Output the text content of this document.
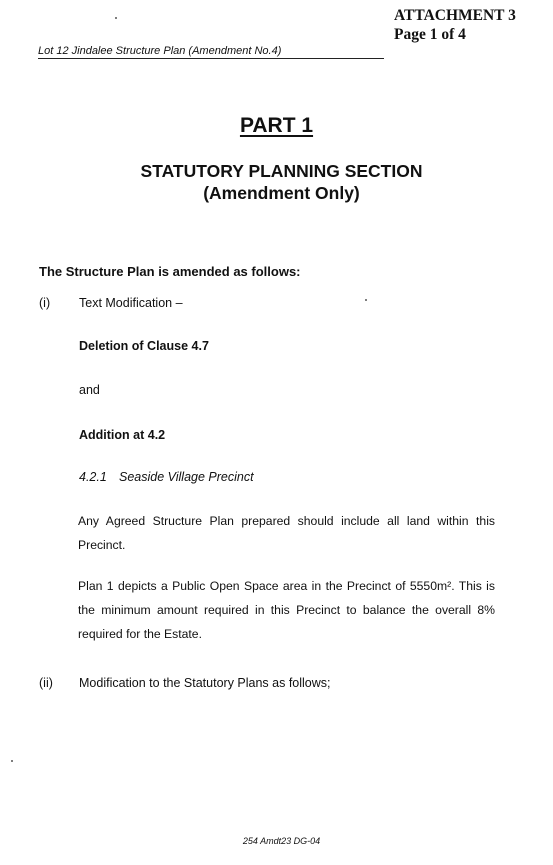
ATTACHMENT 3
Page 1 of 4
Lot 12 Jindalee Structure Plan (Amendment No.4)
PART 1
STATUTORY PLANNING SECTION
(Amendment Only)
The Structure Plan is amended as follows:
(i) Text Modification –
Deletion of Clause 4.7
and
Addition at 4.2
4.2.1 Seaside Village Precinct
Any Agreed Structure Plan prepared should include all land within this Precinct.
Plan 1 depicts a Public Open Space area in the Precinct of 5550m². This is the minimum amount required in this Precinct to balance the overall 8% required for the Estate.
(ii) Modification to the Statutory Plans as follows;
254 Amdt23 DG-04
